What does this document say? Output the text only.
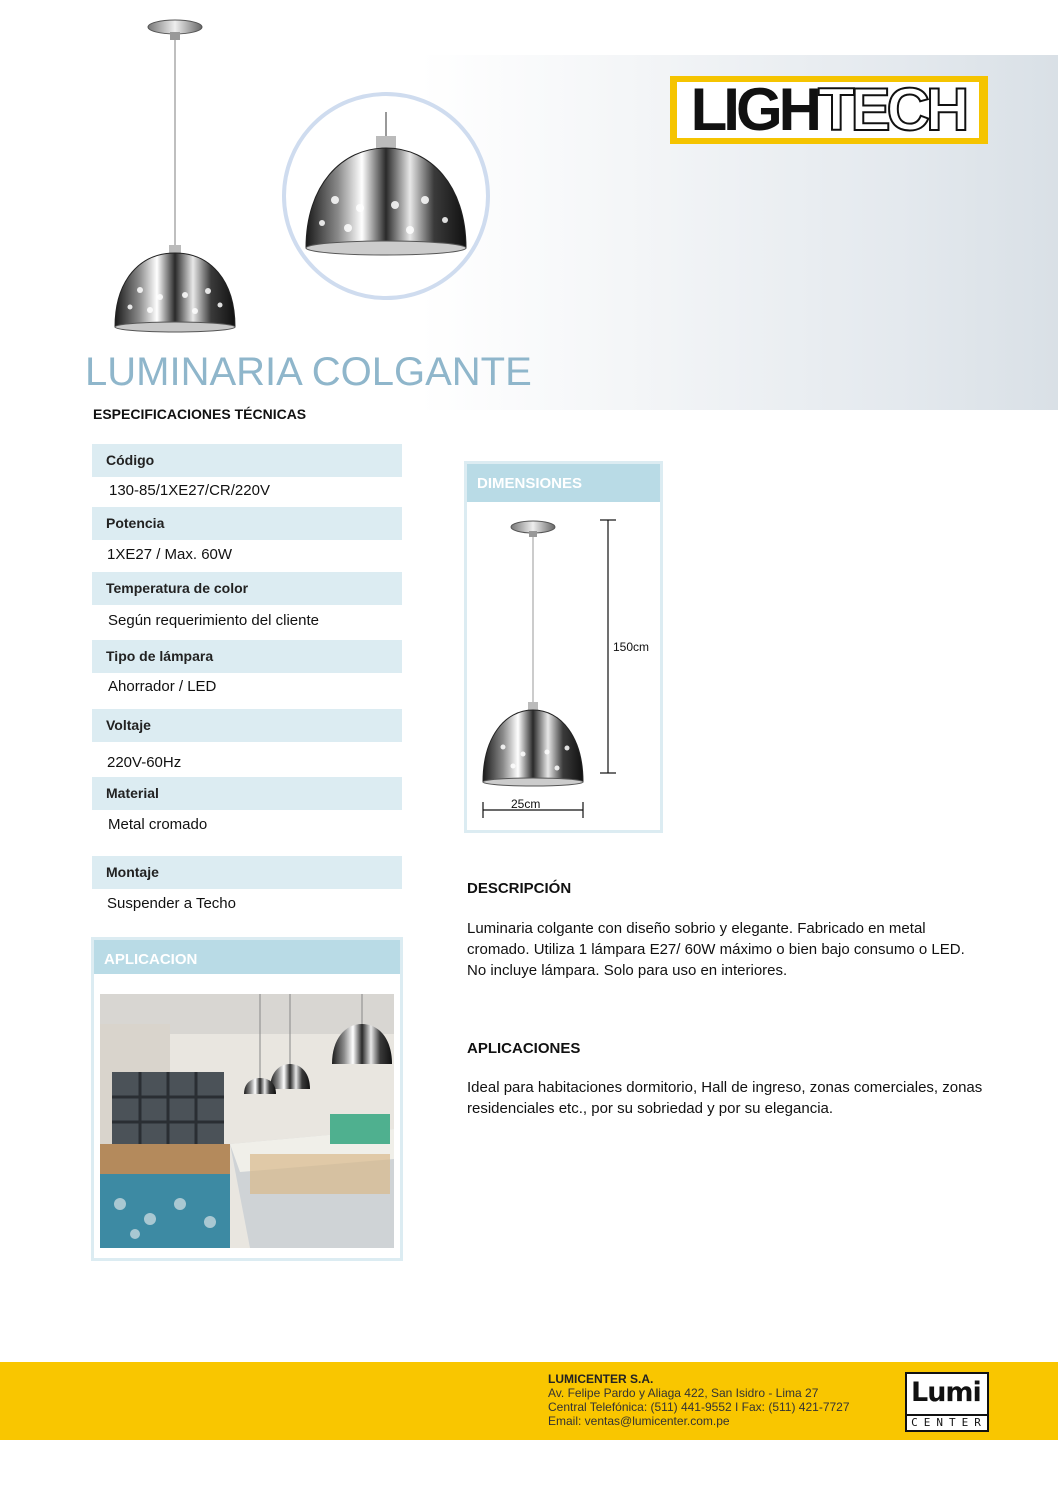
LIGH TECH
LUMINARIA COLGANTE
ESPECIFICACIONES TÉCNICAS
Código
130-85/1XE27/CR/220V
Potencia
1XE27 / Max. 60W
Temperatura de color
Según requerimiento del cliente
Tipo de lámpara
Ahorrador / LED
Voltaje
220V-60Hz
Material
Metal cromado
Montaje
Suspender a Techo
DIMENSIONES
150cm
25cm
APLICACION
DESCRIPCIÓN
Luminaria colgante con diseño sobrio y elegante. Fabricado en metal cromado. Utiliza 1 lámpara E27/ 60W máximo o bien bajo consumo o LED. No incluye lámpara. Solo para uso en interiores.
APLICACIONES
Ideal para habitaciones dormitorio, Hall de ingreso, zonas comerciales, zonas residenciales etc., por su sobriedad y por su elegancia.
LUMICENTER S.A.
Av. Felipe Pardo y Aliaga 422, San Isidro - Lima 27
Central Telefónica: (511) 441-9552 I Fax: (511) 421-7727
Email: ventas@lumicenter.com.pe
Lumi
CENTER
